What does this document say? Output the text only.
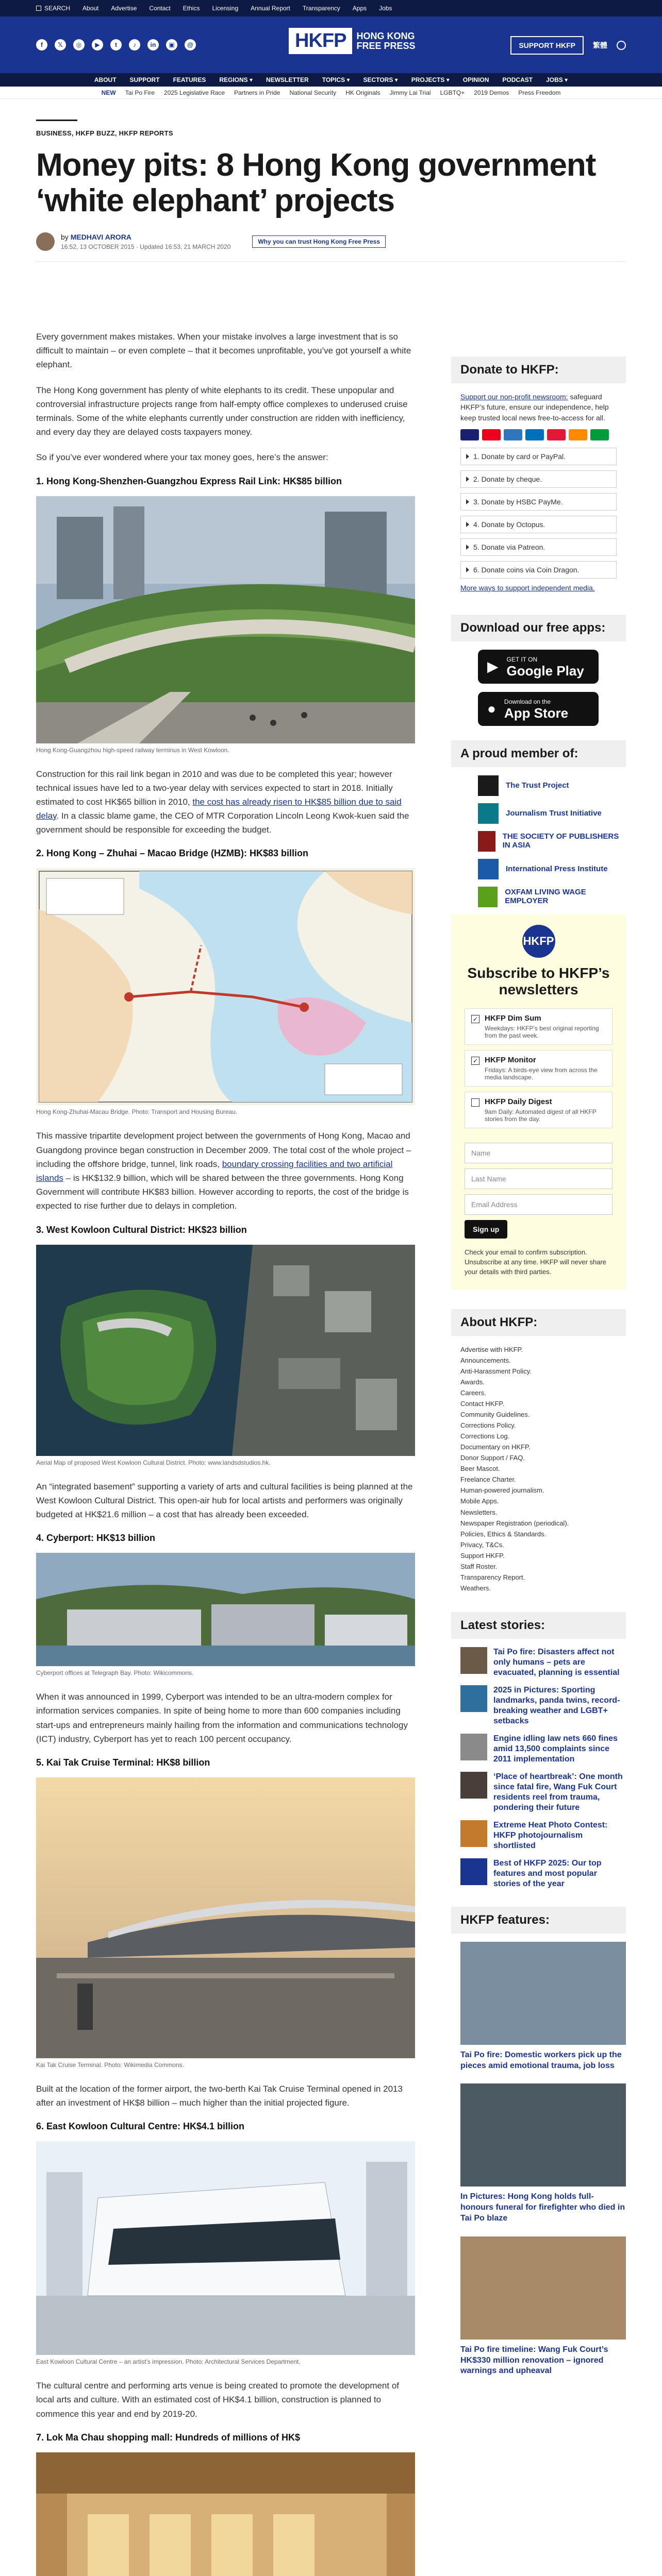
SEARCH About Advertise Contact Ethics Licensing Annual Report Transparency Apps Jobs
f	𝕏	◎	▶	t	♪	in	▣	@	HKFP	HONG KONG
FREE PRESS	SUPPORT HKFP	繁體
ABOUT SUPPORT FEATURES REGIONS ▾ NEWSLETTER TOPICS ▾ SECTORS ▾ PROJECTS ▾ OPINION PODCAST JOBS ▾
NEW Tai Po Fire 2025 Legislative Race Partners in Pride National Security HK Originals Jimmy Lai Trial LGBTQ+ 2019 Demos Press Freedom
BUSINESS, HKFP BUZZ, HKFP REPORTS
Money pits: 8 Hong Kong government ‘white elephant’ projects
by MEDHAVI ARORA
16:52, 13 OCTOBER 2015 · Updated 16:53, 21 MARCH 2020
Why you can trust Hong Kong Free Press

Every government makes mistakes. When your mistake involves a large investment that is so difficult to maintain – or even complete – that it becomes unprofitable, you’ve got yourself a white elephant.

The Hong Kong government has plenty of white elephants to its credit. These unpopular and controversial infrastructure projects range from half-empty office complexes to underused cruise terminals. Some of the white elephants currently under construction are ridden with inefficiency, and every day they are delayed costs taxpayers money.

So if you’ve ever wondered where your tax money goes, here’s the answer:

1. Hong Kong-Shenzhen-Guangzhou Express Rail Link: HK$85 billion
Hong Kong-Guangzhou high-speed railway terminus in West Kowloon.

Construction for this rail link began in 2010 and was due to be completed this year; however technical issues have led to a two-year delay with services expected to start in 2018. Initially estimated to cost HK$65 billion in 2010, the cost has already risen to HK$85 billion due to said delay. In a classic blame game, the CEO of MTR Corporation Lincoln Leong Kwok-kuen said the government should be responsible for exceeding the budget.

2. Hong Kong – Zhuhai – Macao Bridge (HZMB): HK$83 billion
Hong Kong-Zhuhai-Macau Bridge. Photo: Transport and Housing Bureau.

This massive tripartite development project between the governments of Hong Kong, Macao and Guangdong province began construction in December 2009. The total cost of the whole project – including the offshore bridge, tunnel, link roads, boundary crossing facilities and two artificial islands – is HK$132.9 billion, which will be shared between the three governments. Hong Kong Government will contribute HK$83 billion. However according to reports, the cost of the bridge is expected to rise further due to delays in completion.

3. West Kowloon Cultural District: HK$23 billion
Aerial Map of proposed West Kowloon Cultural District. Photo: www.landsdstudios.hk.

An “integrated basement” supporting a variety of arts and cultural facilities is being planned at the West Kowloon Cultural District. This open-air hub for local artists and performers was originally budgeted at HK$21.6 million – a cost that has already been exceeded.

4. Cyberport: HK$13 billion
Cyberport offices at Telegraph Bay. Photo: Wikicommons.

When it was announced in 1999, Cyberport was intended to be an ultra-modern complex for information services companies. In spite of being home to more than 600 companies including start-ups and entrepreneurs mainly hailing from the information and communications technology (ICT) industry, Cyberport has yet to reach 100 percent occupancy.

5. Kai Tak Cruise Terminal: HK$8 billion
Kai Tak Cruise Terminal. Photo: Wikimedia Commons.

Built at the location of the former airport, the two-berth Kai Tak Cruise Terminal opened in 2013 after an investment of HK$8 billion – much higher than the initial projected figure.

6. East Kowloon Cultural Centre: HK$4.1 billion
East Kowloon Cultural Centre – an artist’s impression. Photo: Architectural Services Department.

The cultural centre and performing arts venue is being created to promote the development of local arts and culture. With an estimated cost of HK$4.1 billion, construction is planned to commence this year and end by 2019-20.

7. Lok Ma Chau shopping mall: Hundreds of millions of HK$
Donate to HKFP:

Support our non-profit newsroom: safeguard HKFP’s future, ensure our independence, help keep trusted local news free-to-access for all.

1. Donate by card or PayPal.
2. Donate by cheque.
3. Donate by HSBC PayMe.
4. Donate by Octopus.
5. Donate via Patreon.
6. Donate coins via Coin Dragon.
More ways to support independent media.
Download our free apps:
▶ GET IT ON
Google Play
● Download on the
App Store
A proud member of:
The Trust Project
Journalism Trust Initiative
THE SOCIETY OF PUBLISHERS IN ASIA
International Press Institute
OXFAM LIVING WAGE EMPLOYER
HKFP
Subscribe to HKFP’s newsletters
✓ HKFP Dim Sum
Weekdays: HKFP’s best original reporting from the past week.
✓ HKFP Monitor
Fridays: A birds-eye view from across the media landscape.
HKFP Daily Digest
9am Daily: Automated digest of all HKFP stories from the day.
Name
Last Name
Email Address
Sign up
Check your email to confirm subscription. Unsubscribe at any time. HKFP will never share your details with third parties.
About HKFP:
Advertise with HKFP.
Announcements.
Anti-Harassment Policy.
Awards.
Careers.
Contact HKFP.
Community Guidelines.
Corrections Policy.
Corrections Log.
Documentary on HKFP.
Donor Support / FAQ.
Beer Mascot.
Freelance Charter.
Human-powered journalism.
Mobile Apps.
Newsletters.
Newspaper Registration (periodical).
Policies, Ethics & Standards.
Privacy, T&Cs.
Support HKFP.
Staff Roster.
Transparency Report.
Weathers.
Latest stories:
Tai Po fire: Disasters affect not only humans – pets are evacuated, planning is essential
2025 in Pictures: Sporting landmarks, panda twins, record-breaking weather and LGBT+ setbacks
Engine idling law nets 660 fines amid 13,500 complaints since 2011 implementation
‘Place of heartbreak’: One month since fatal fire, Wang Fuk Court residents reel from trauma, pondering their future
Extreme Heat Photo Contest: HKFP photojournalism shortlisted
Best of HKFP 2025: Our top features and most popular stories of the year
HKFP features:
Tai Po fire: Domestic workers pick up the pieces amid emotional trauma, job loss
In Pictures: Hong Kong holds full-honours funeral for firefighter who died in Tai Po blaze
Tai Po fire timeline: Wang Fuk Court’s HK$330 million renovation – ignored warnings and upheaval
